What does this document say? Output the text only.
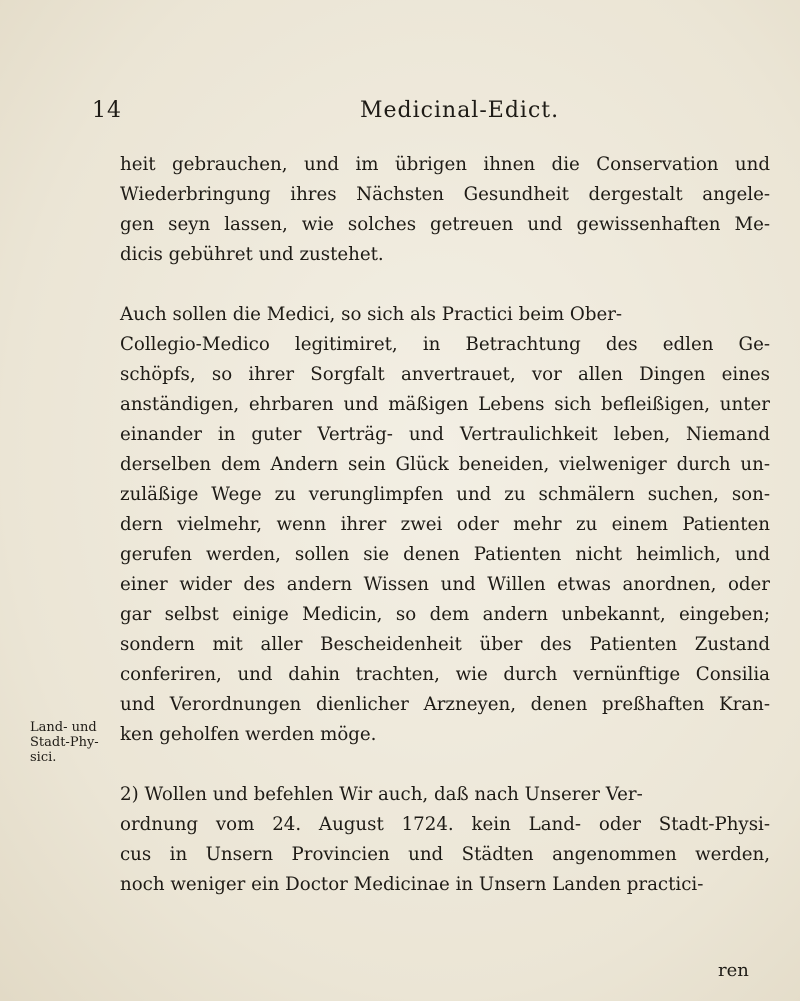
14	Medicinal-Edict.

heit gebrauchen, und im übrigen ihnen die Conservation und
Wiederbringung ihres Nächsten Gesundheit dergestalt angele-
gen seyn lassen, wie solches getreuen und gewissenhaften Me-
dicis gebühret und zustehet.

Auch sollen die Medici, so sich als Practici beim Ober-
Collegio-Medico legitimiret, in Betrachtung des edlen Ge-
schöpfs, so ihrer Sorgfalt anvertrauet, vor allen Dingen eines
anständigen, ehrbaren und mäßigen Lebens sich befleißigen, unter
einander in guter Verträg- und Vertraulichkeit leben, Niemand
derselben dem Andern sein Glück beneiden, vielweniger durch un-
zuläßige Wege zu verunglimpfen und zu schmälern suchen, son-
dern vielmehr, wenn ihrer zwei oder mehr zu einem Patienten
gerufen werden, sollen sie denen Patienten nicht heimlich, und
einer wider des andern Wissen und Willen etwas anordnen, oder
gar selbst einige Medicin, so dem andern unbekannt, eingeben;
sondern mit aller Bescheidenheit über des Patienten Zustand
conferiren, und dahin trachten, wie durch vernünftige Consilia
und Verordnungen dienlicher Arzneyen, denen preßhaften Kran-
ken geholfen werden möge.

2) Wollen und befehlen Wir auch, daß nach Unserer Ver-
ordnung vom 24. August 1724. kein Land- oder Stadt-Physi-
cus in Unsern Provincien und Städten angenommen werden,
noch weniger ein Doctor Medicinae in Unsern Landen practici-

Land- und
Stadt-Phy-
sici.
ren
